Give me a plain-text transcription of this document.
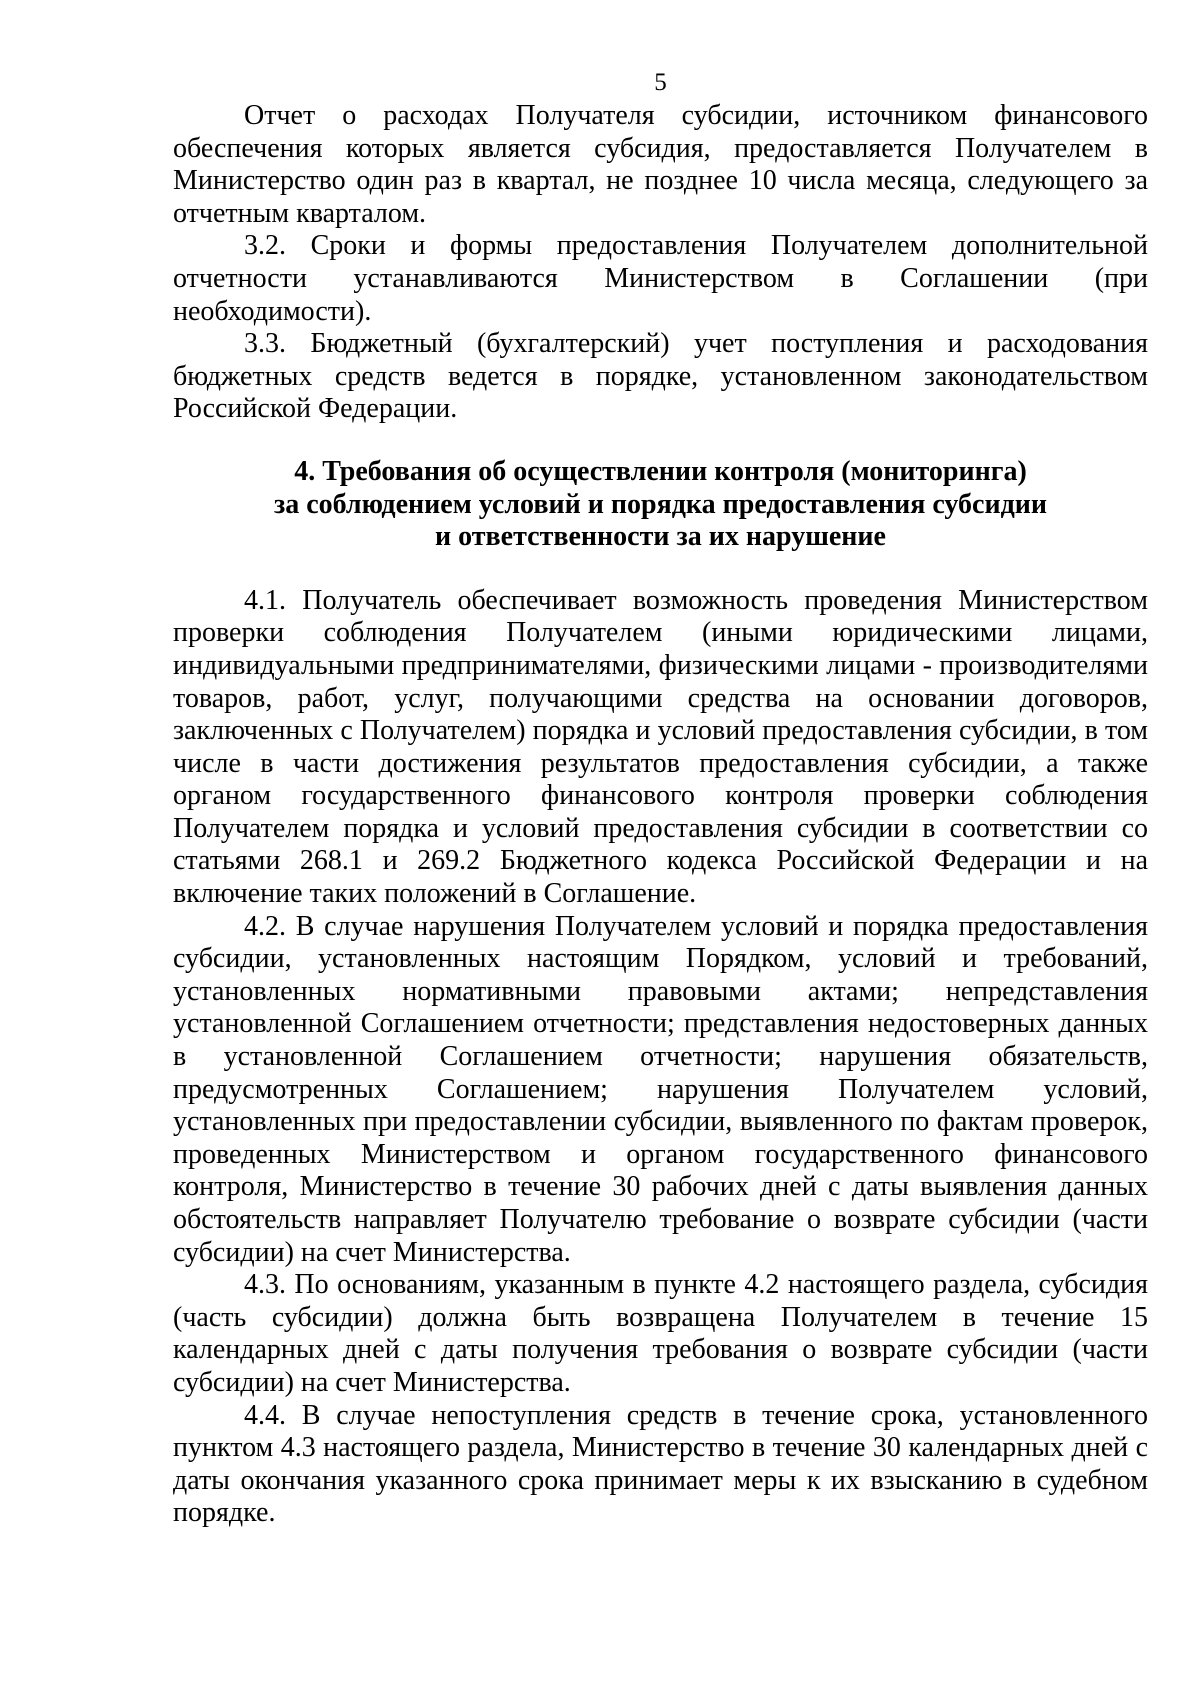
5

Отчет о расходах Получателя субсидии, источником финансового обеспечения которых является субсидия, предоставляется Получателем в Министерство один раз в квартал, не позднее 10 числа месяца, следующего за отчетным кварталом.

3.2. Сроки и формы предоставления Получателем дополнительной отчетности устанавливаются Министерством в Соглашении (при необходимости).

3.3. Бюджетный (бухгалтерский) учет поступления и расходования бюджетных средств ведется в порядке, установленном законодательством Российской Федерации.

4. Требования об осуществлении контроля (мониторинга)
за соблюдением условий и порядка предоставления субсидии
и ответственности за их нарушение

4.1. Получатель обеспечивает возможность проведения Министерством проверки соблюдения Получателем (иными юридическими лицами, индивидуальными предпринимателями, физическими лицами - производителями товаров, работ, услуг, получающими средства на основании договоров, заключенных с Получателем) порядка и условий предоставления субсидии, в том числе в части достижения результатов предоставления субсидии, а также органом государственного финансового контроля проверки соблюдения Получателем порядка и условий предоставления субсидии в соответствии со статьями 268.1 и 269.2 Бюджетного кодекса Российской Федерации и на включение таких положений в Соглашение.

4.2. В случае нарушения Получателем условий и порядка предоставления субсидии, установленных настоящим Порядком, условий и требований, установленных нормативными правовыми актами; непредставления установленной Соглашением отчетности; представления недостоверных данных в установленной Соглашением отчетности; нарушения обязательств, предусмотренных Соглашением; нарушения Получателем условий, установленных при предоставлении субсидии, выявленного по фактам проверок, проведенных Министерством и органом государственного финансового контроля, Министерство в течение 30 рабочих дней с даты выявления данных обстоятельств направляет Получателю требование о возврате субсидии (части субсидии) на счет Министерства.

4.3. По основаниям, указанным в пункте 4.2 настоящего раздела, субсидия (часть субсидии) должна быть возвращена Получателем в течение 15 календарных дней с даты получения требования о возврате субсидии (части субсидии) на счет Министерства.

4.4. В случае непоступления средств в течение срока, установленного пунктом 4.3 настоящего раздела, Министерство в течение 30 календарных дней с даты окончания указанного срока принимает меры к их взысканию в судебном порядке.
